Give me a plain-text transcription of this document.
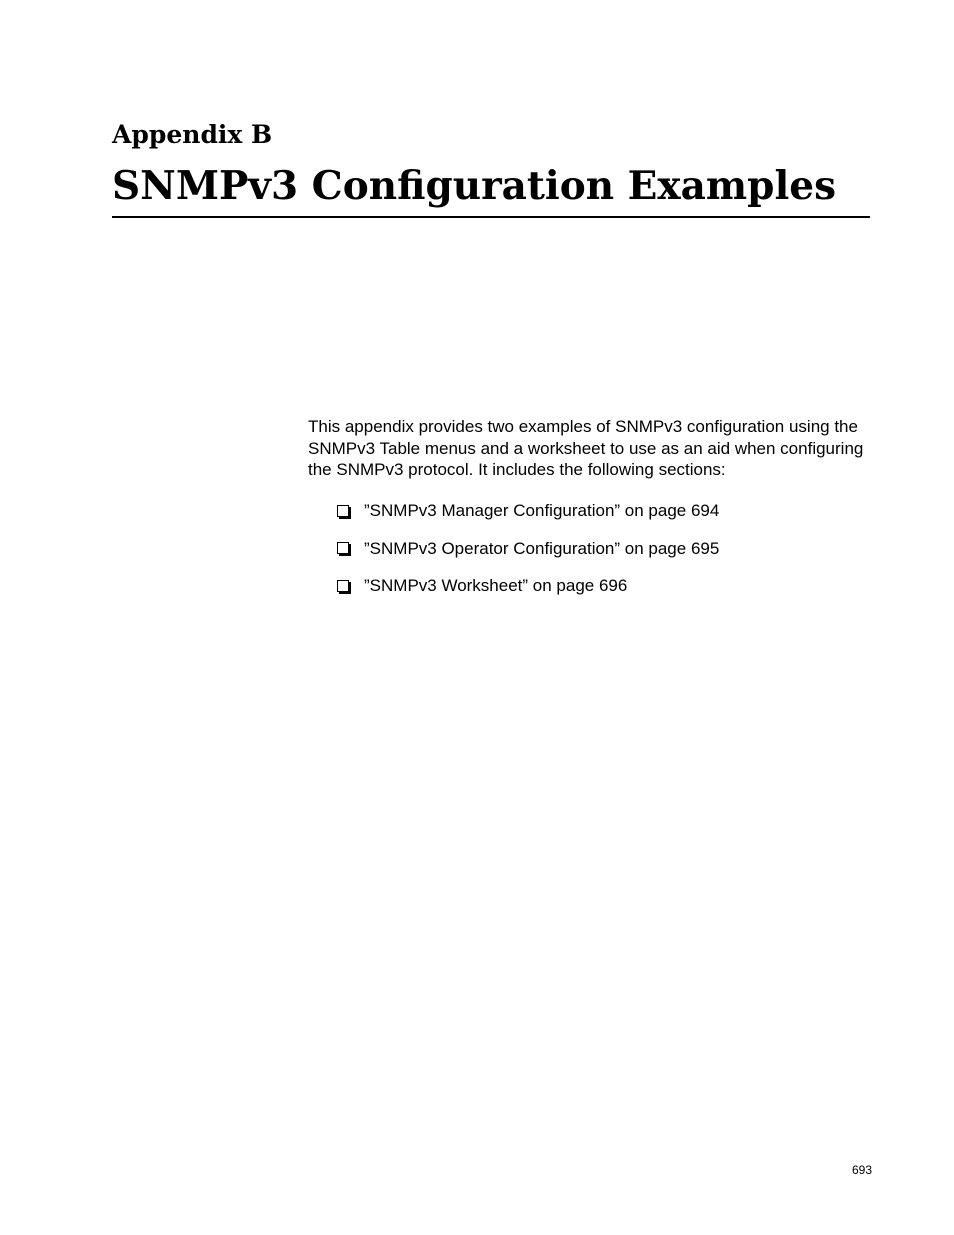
Appendix B
SNMPv3 Configuration Examples

This appendix provides two examples of SNMPv3 configuration using the SNMPv3 Table menus and a worksheet to use as an aid when configuring the SNMPv3 protocol. It includes the following sections:

”SNMPv3 Manager Configuration” on page 694
”SNMPv3 Operator Configuration” on page 695
”SNMPv3 Worksheet” on page 696

693
